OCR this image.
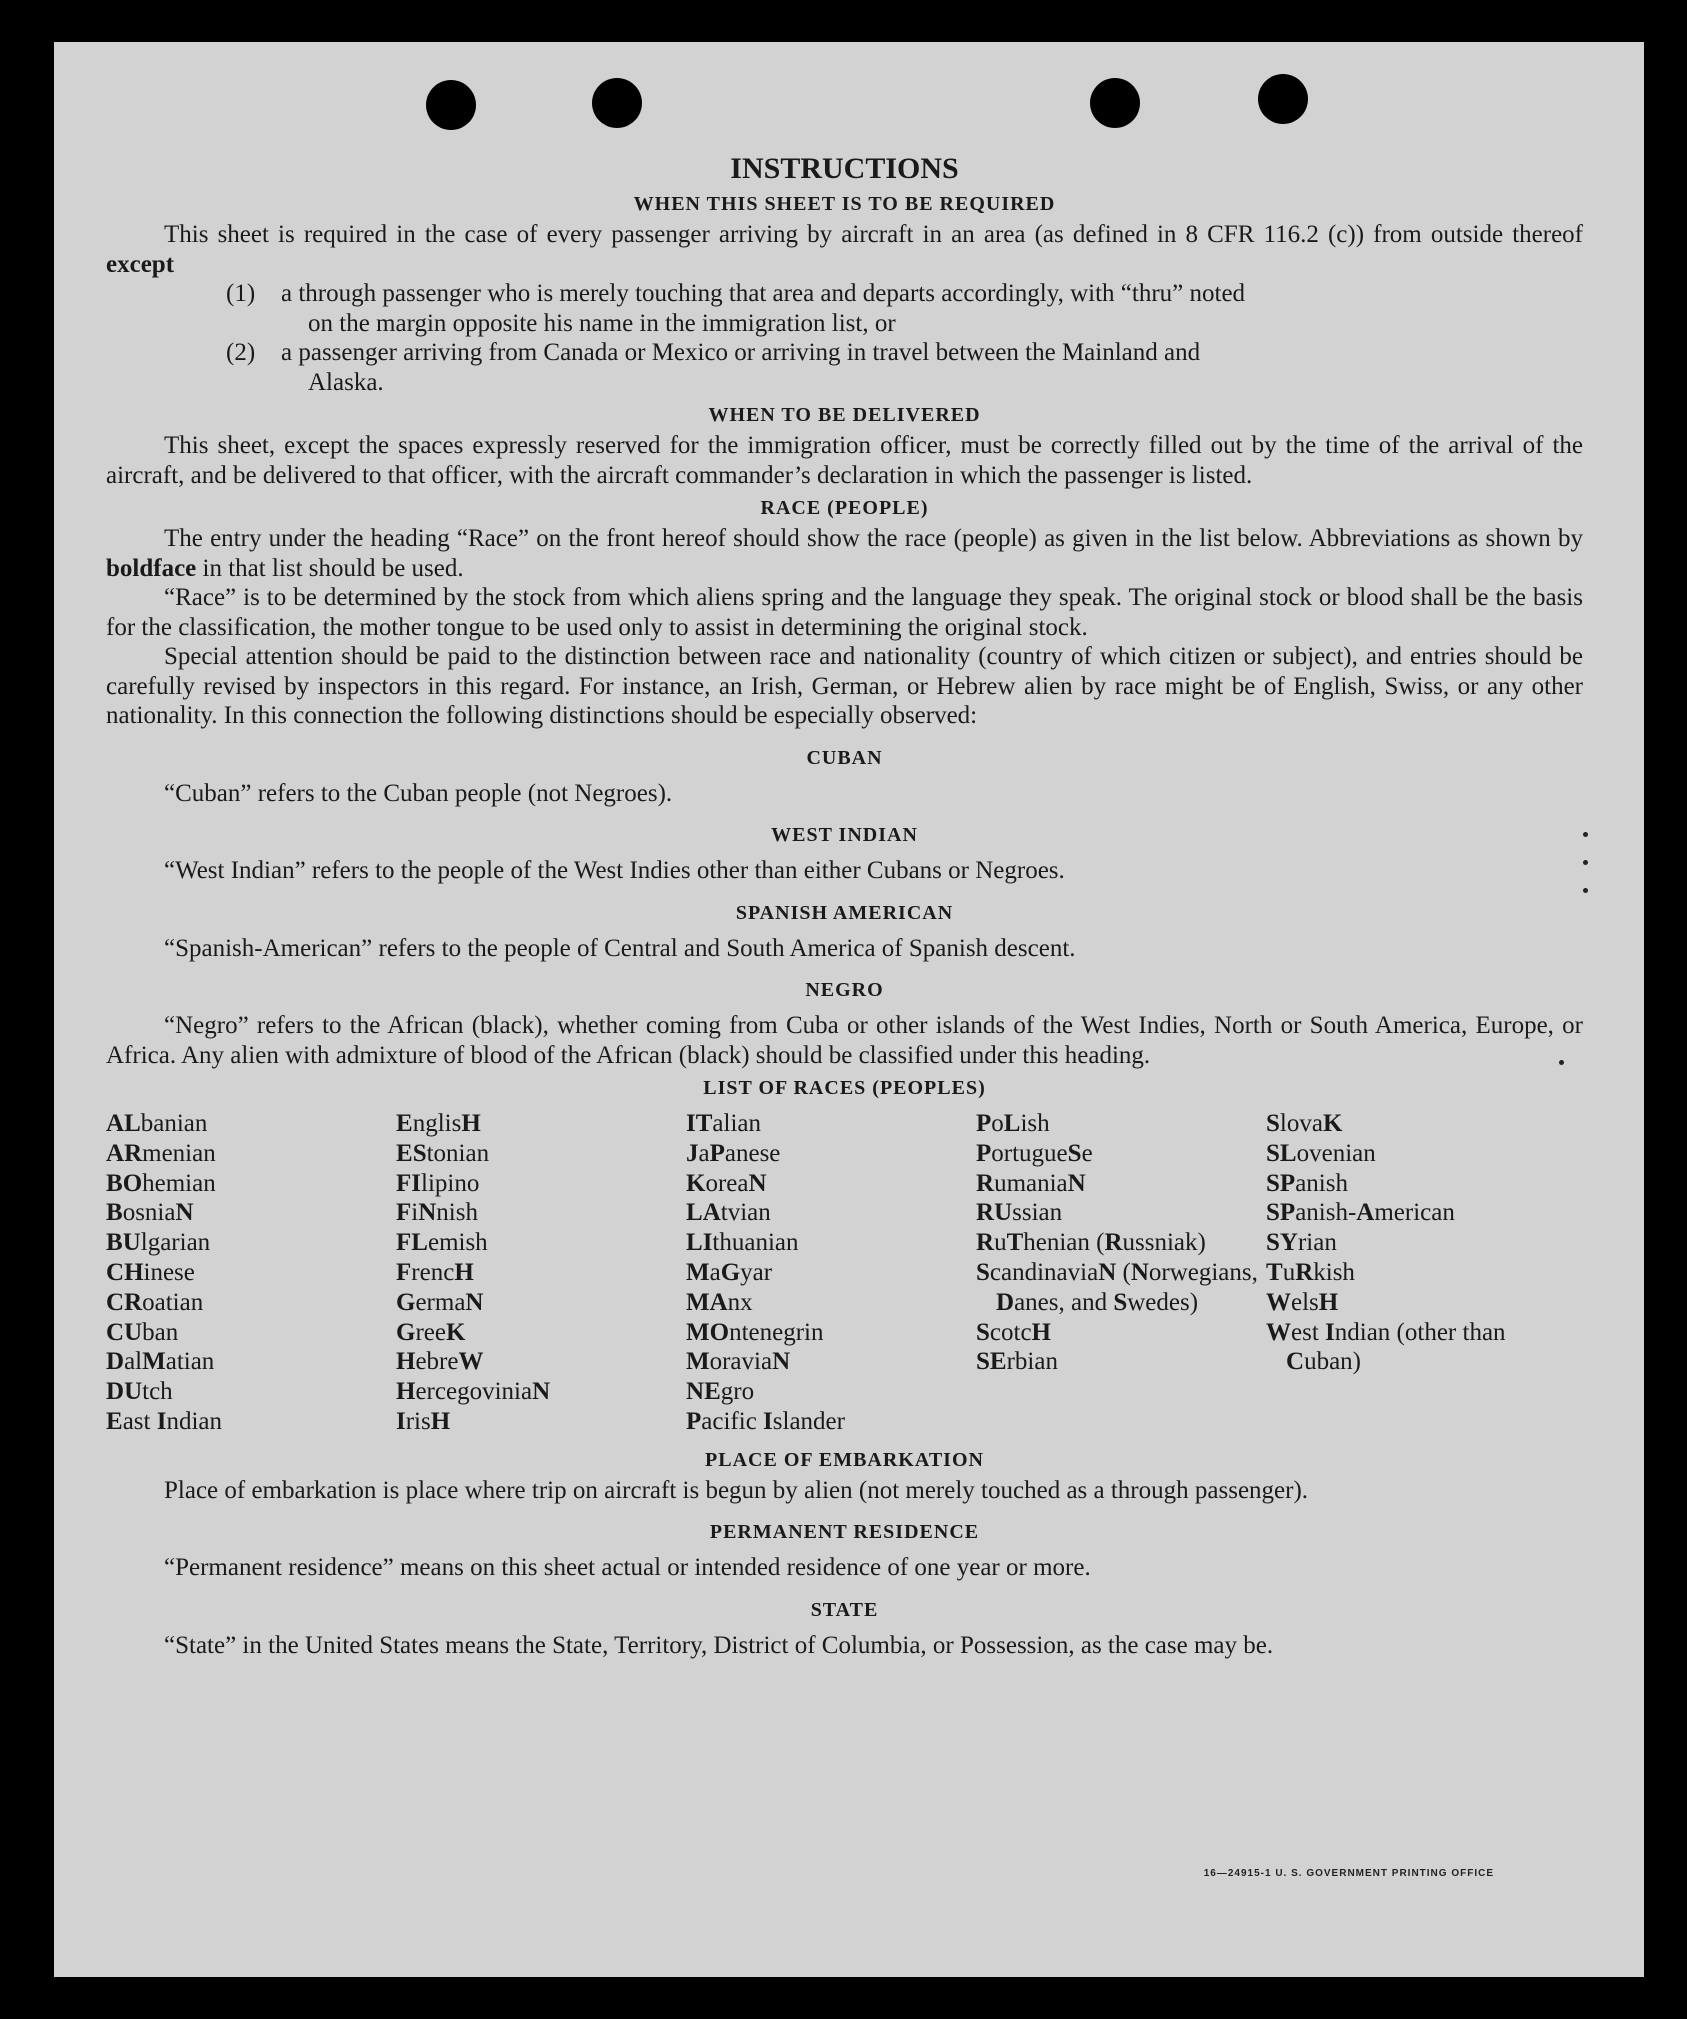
INSTRUCTIONS
WHEN THIS SHEET IS TO BE REQUIRED

This sheet is required in the case of every passenger arriving by aircraft in an area (as defined in 8 CFR 116.2 (c)) from outside thereof except

(1)	a through passenger who is merely touching that area and departs accordingly, with “thru” noted
on the margin opposite his name in the immigration list, or
(2)	a passenger arriving from Canada or Mexico or arriving in travel between the Mainland and
Alaska.
WHEN TO BE DELIVERED

This sheet, except the spaces expressly reserved for the immigration officer, must be correctly filled out by the time of the arrival of the aircraft, and be delivered to that officer, with the aircraft commander’s declaration in which the passenger is listed.

RACE (PEOPLE)

The entry under the heading “Race” on the front hereof should show the race (people) as given in the list below. Abbreviations as shown by boldface in that list should be used.

“Race” is to be determined by the stock from which aliens spring and the language they speak. The original stock or blood shall be the basis for the classification, the mother tongue to be used only to assist in determining the original stock.

Special attention should be paid to the distinction between race and nationality (country of which citizen or subject), and entries should be carefully revised by inspectors in this regard. For instance, an Irish, German, or Hebrew alien by race might be of English, Swiss, or any other nationality. In this connection the following distinctions should be especially observed:

CUBAN

“Cuban” refers to the Cuban people (not Negroes).

WEST INDIAN

“West Indian” refers to the people of the West Indies other than either Cubans or Negroes.

SPANISH AMERICAN

“Spanish-American” refers to the people of Central and South America of Spanish descent.

NEGRO

“Negro” refers to the African (black), whether coming from Cuba or other islands of the West Indies, North or South America, Europe, or Africa. Any alien with admixture of blood of the African (black) should be classified under this heading.

LIST OF RACES (PEOPLES)
ALbanian
ARmenian
BOhemian
BosniaN
BUlgarian
CHinese
CRoatian
CUban
DalMatian
DUtch
East Indian
EnglisH
EStonian
FIlipino
FiNnish
FLemish
FrencH
GermaN
GreeK
HebreW
HercegoviniaN
IrisH
ITalian
JaPanese
KoreaN
LAtvian
LIthuanian
MaGyar
MAnx
MOntenegrin
MoraviaN
NEgro
Pacific Islander
PoLish
PortugueSe
RumaniaN
RUssian
RuThenian (Russniak)
ScandinaviaN (Norwegians, Danes, and Swedes)
ScotcH
SErbian
SlovaK
SLovenian
SPanish
SPanish-American
SYrian
TuRkish
WelsH
West Indian (other than Cuban)
PLACE OF EMBARKATION

Place of embarkation is place where trip on aircraft is begun by alien (not merely touched as a through passenger).

PERMANENT RESIDENCE

“Permanent residence” means on this sheet actual or intended residence of one year or more.

STATE

“State” in the United States means the State, Territory, District of Columbia, or Possession, as the case may be.

16—24915-1 U. S. GOVERNMENT PRINTING OFFICE
